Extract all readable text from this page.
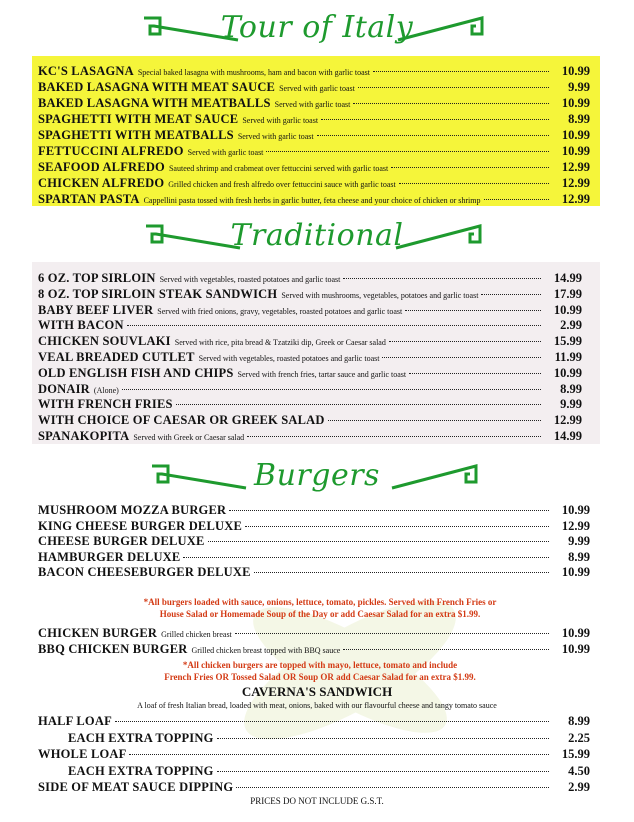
Tour of Italy
KC'S LASAGNA Special baked lasagna with mushrooms, ham and bacon with garlic toast	10.99
BAKED LASAGNA WITH MEAT SAUCE Served with garlic toast	9.99
BAKED LASAGNA WITH MEATBALLS Served with garlic toast	10.99
SPAGHETTI WITH MEAT SAUCE Served with garlic toast	8.99
SPAGHETTI WITH MEATBALLS Served with garlic toast	10.99
FETTUCCINI ALFREDO Served with garlic toast	10.99
SEAFOOD ALFREDO Sauteed shrimp and crabmeat over fettuccini served with garlic toast	12.99
CHICKEN ALFREDO Grilled chicken and fresh alfredo over fettuccini sauce with garlic toast	12.99
SPARTAN PASTA Cappellini pasta tossed with fresh herbs in garlic butter, feta cheese and your choice of chicken or shrimp	12.99
Traditional
6 OZ. TOP SIRLOIN Served with vegetables, roasted potatoes and garlic toast	14.99
8 OZ. TOP SIRLOIN STEAK SANDWICH Served with mushrooms, vegetables, potatoes and garlic toast	17.99
BABY BEEF LIVER Served with fried onions, gravy, vegetables, roasted potatoes and garlic toast	10.99
WITH BACON	2.99
CHICKEN SOUVLAKI Served with rice, pita bread & Tzatziki dip, Greek or Caesar salad	15.99
VEAL BREADED CUTLET Served with vegetables, roasted potatoes and garlic toast	11.99
OLD ENGLISH FISH AND CHIPS Served with french fries, tartar sauce and garlic toast	10.99
DONAIR (Alone)	8.99
WITH FRENCH FRIES	9.99
WITH CHOICE OF CAESAR OR GREEK SALAD	12.99
SPANAKOPITA Served with Greek or Caesar salad	14.99
Burgers
MUSHROOM MOZZA BURGER	10.99
KING CHEESE BURGER DELUXE	12.99
CHEESE BURGER DELUXE	9.99
HAMBURGER DELUXE	8.99
BACON CHEESEBURGER DELUXE	10.99
*All burgers loaded with sauce, onions, lettuce, tomato, pickles. Served with French Fries or
House Salad or Homemade Soup of the Day or add Caesar Salad for an extra $1.99.
CHICKEN BURGER Grilled chicken breast	10.99
BBQ CHICKEN BURGER Grilled chicken breast topped with BBQ sauce	10.99
*All chicken burgers are topped with mayo, lettuce, tomato and include
French Fries OR Tossed Salad OR Soup OR add Caesar Salad for an extra $1.99.
CAVERNA'S SANDWICH
A loaf of fresh Italian bread, loaded with meat, onions, baked with our flavourful cheese and tangy tomato sauce
HALF LOAF	8.99
EACH EXTRA TOPPING	2.25
WHOLE LOAF	15.99
EACH EXTRA TOPPING	4.50
SIDE OF MEAT SAUCE DIPPING	2.99
PRICES DO NOT INCLUDE G.S.T.
